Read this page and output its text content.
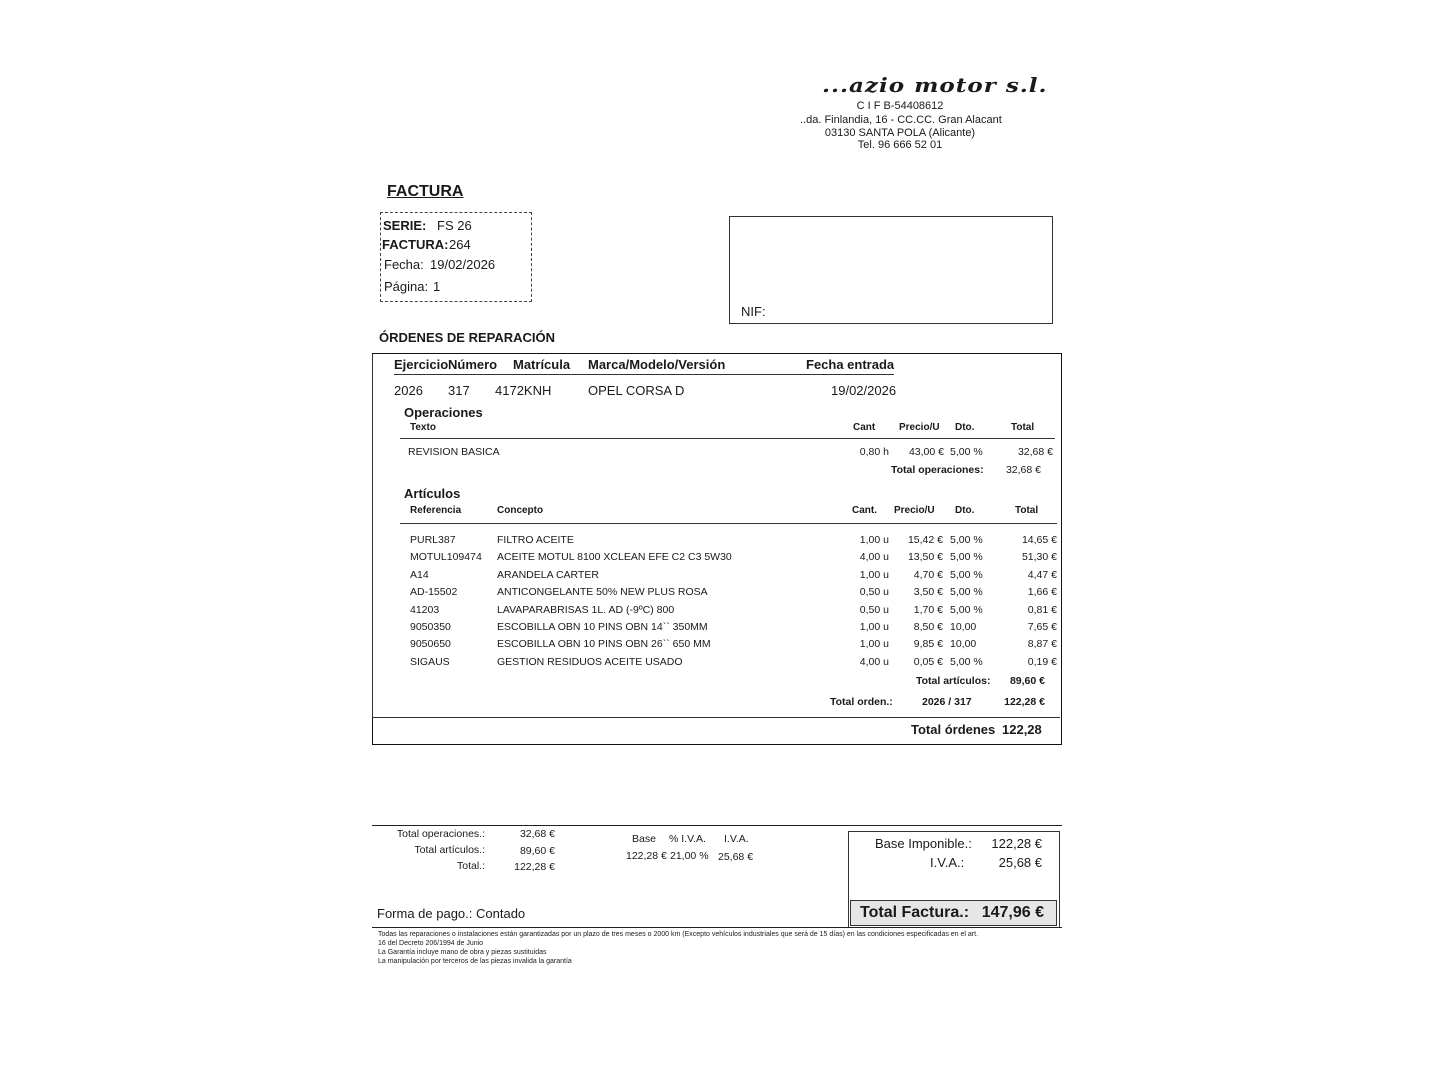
...azio motor s.l.
C I F B-54408612
..da. Finlandia, 16 - CC.CC. Gran Alacant
03130 SANTA POLA (Alicante)
Tel. 96 666 52 01
FACTURA
SERIE: FS 26
FACTURA: 264
Fecha: 19/02/2026
Página: 1
NIF:
ÓRDENES DE REPARACIÓN
Ejercicio Número Matrícula Marca/Modelo/Versión	Fecha entrada
2026 317 4172KNH	OPEL CORSA D	19/02/2026
Operaciones
Texto	Cant Precio/U Dto.	Total
REVISION BASICA	0,80 h	43,00 € 5,00 %	32,68 €
Total operaciones:	32,68 €
Artículos
Referencia	Concepto	Cant. Precio/U Dto.	Total
PURL387	FILTRO ACEITE	1,00 u	15,42 € 5,00 %	14,65 €
MOTUL109474 ACEITE MOTUL 8100 XCLEAN EFE C2 C3 5W30	4,00 u	13,50 € 5,00 %	51,30 €
A14	ARANDELA CARTER	1,00 u	4,70 € 5,00 %	4,47 €
AD-15502	ANTICONGELANTE 50% NEW PLUS ROSA	0,50 u	3,50 € 5,00 %	1,66 €
41203	LAVAPARABRISAS 1L. AD (-9ºC) 800	0,50 u	1,70 € 5,00 %	0,81 €
9050350	ESCOBILLA OBN 10 PINS OBN 14`` 350MM	1,00 u	8,50 € 10,00	7,65 €
9050650	ESCOBILLA OBN 10 PINS OBN 26`` 650 MM	1,00 u	9,85 € 10,00	8,87 €
SIGAUS	GESTION RESIDUOS ACEITE USADO	4,00 u	0,05 € 5,00 %	0,19 €
Total artículos:	89,60 €
Total orden.:	2026 / 317	122,28 €
Total órdenes 122,28
Total operaciones.:	32,68 €
Total artículos.:	89,60 €
Total.:	122,28 €
Base % I.V.A. I.V.A.
122,28 € 21,00 % 25,68 €
Base Imponible.:	122,28 €
I.V.A.:	25,68 €
Total Factura.: 147,96 €
Forma de pago.: Contado
Todas las reparaciones o instalaciones están garantizadas por un plazo de tres meses o 2000 km (Excepto vehículos industriales que será de 15 días) en las condiciones especificadas en el art.
16 del Decreto 206/1994 de Junio
La Garantía incluye mano de obra y piezas sustituidas
La manipulación por terceros de las piezas invalida la garantía
